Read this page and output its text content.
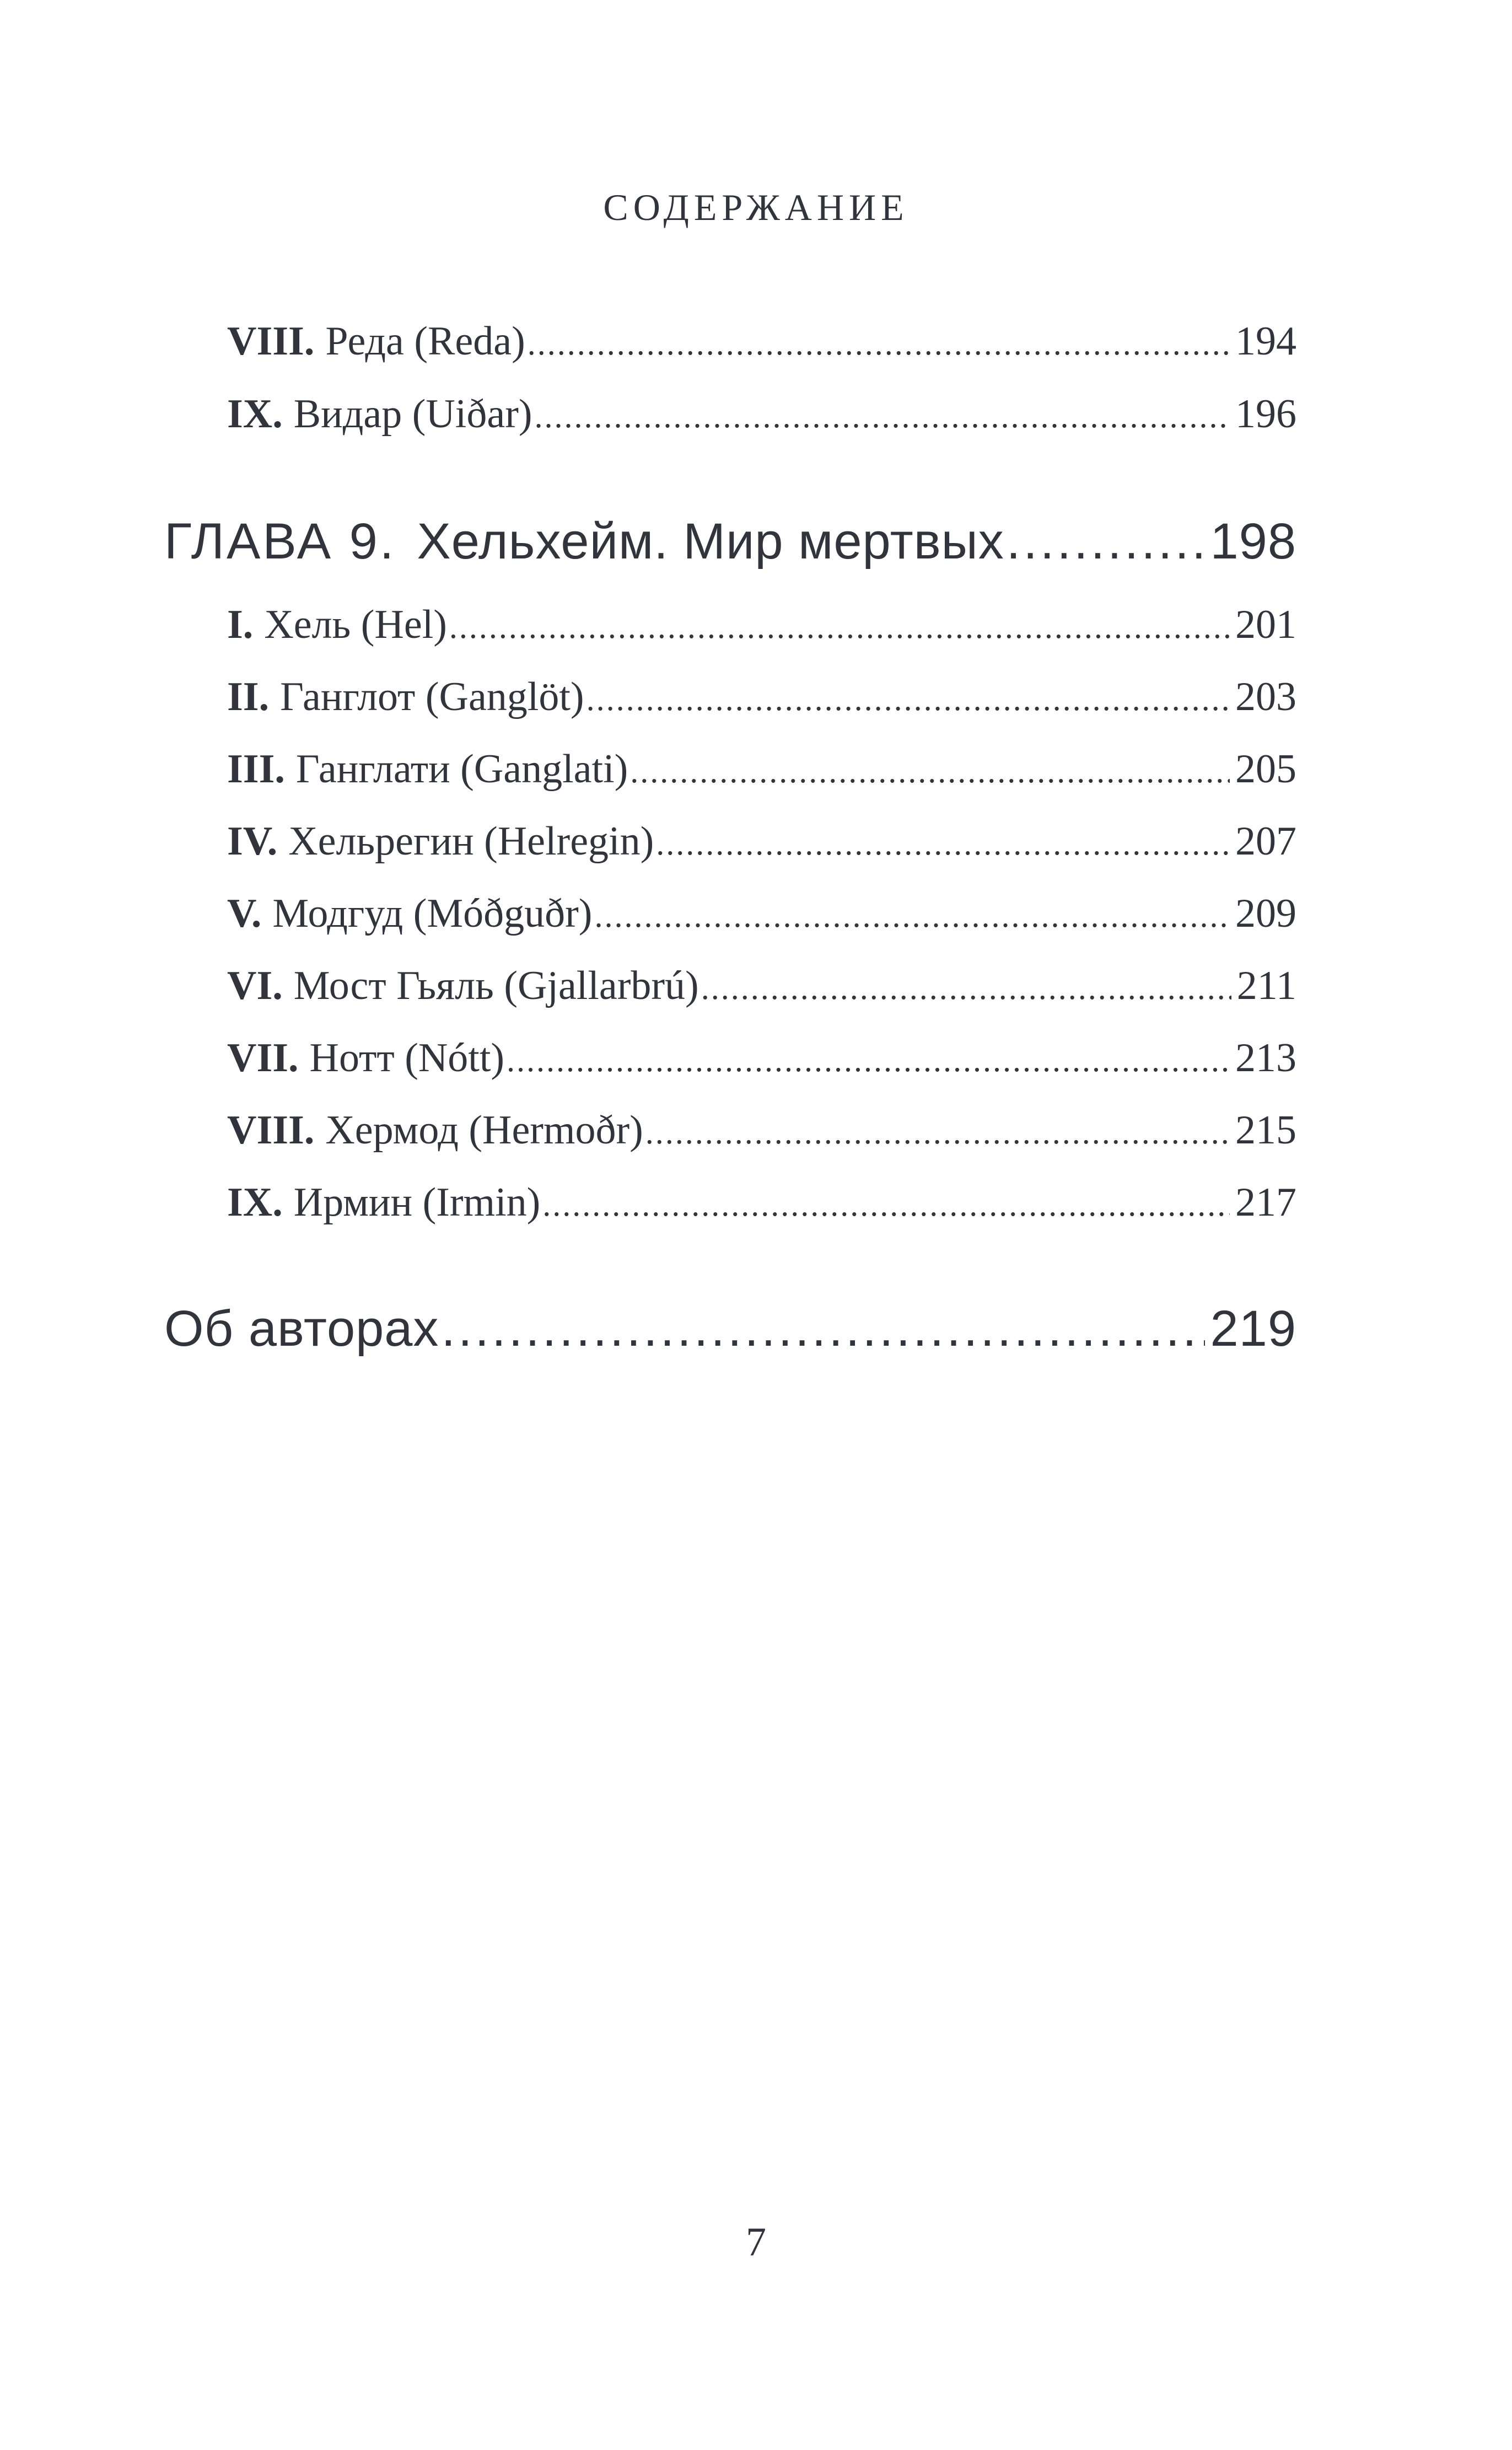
СОДЕРЖАНИЕ
VIII. Реда (Reda) .....	194
IX. Видар (Uiðar) .....	196
ГЛАВА 9. Хельхейм. Мир мертвых .....	198
I. Хель (Hel) .....	201
II. Ганглот (Ganglöt) .....	203
III. Ганглати (Ganglati) .....	205
IV. Хельрегин (Helregin) .....	207
V. Модгуд (Móðguðr) .....	209
VI. Мост Гьяль (Gjallarbrú) .....	211
VII. Нотт (Nótt) .....	213
VIII. Хермод (Hermoðr) .....	215
IX. Ирмин (Irmin) .....	217
Об авторах .....	219
7
